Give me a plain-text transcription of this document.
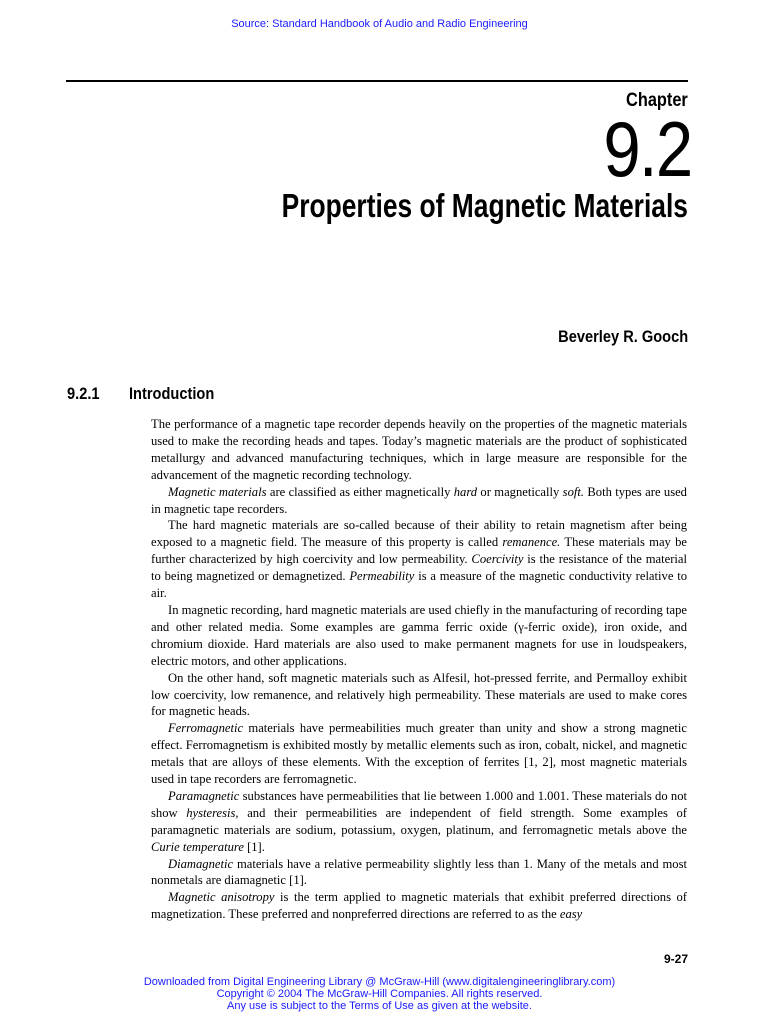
Source: Standard Handbook of Audio and Radio Engineering
Chapter
9.2
Properties of Magnetic Materials
Beverley R. Gooch
9.2.1 Introduction

The performance of a magnetic tape recorder depends heavily on the properties of the magnetic materials used to make the recording heads and tapes. Today’s magnetic materials are the product of sophisticated metallurgy and advanced manufacturing techniques, which in large measure are responsible for the advancement of the magnetic recording technology.

Magnetic materials are classified as either magnetically hard or magnetically soft. Both types are used in magnetic tape recorders.

The hard magnetic materials are so-called because of their ability to retain magnetism after being exposed to a magnetic field. The measure of this property is called remanence. These materials may be further characterized by high coercivity and low permeability. Coercivity is the resistance of the material to being magnetized or demagnetized. Permeability is a measure of the magnetic conductivity relative to air.

In magnetic recording, hard magnetic materials are used chiefly in the manufacturing of recording tape and other related media. Some examples are gamma ferric oxide (γ-ferric oxide), iron oxide, and chromium dioxide. Hard materials are also used to make permanent magnets for use in loudspeakers, electric motors, and other applications.

On the other hand, soft magnetic materials such as Alfesil, hot-pressed ferrite, and Permalloy exhibit low coercivity, low remanence, and relatively high permeability. These materials are used to make cores for magnetic heads.

Ferromagnetic materials have permeabilities much greater than unity and show a strong magnetic effect. Ferromagnetism is exhibited mostly by metallic elements such as iron, cobalt, nickel, and magnetic metals that are alloys of these elements. With the exception of ferrites [1, 2], most magnetic materials used in tape recorders are ferromagnetic.

Paramagnetic substances have permeabilities that lie between 1.000 and 1.001. These materials do not show hysteresis, and their permeabilities are independent of field strength. Some examples of paramagnetic materials are sodium, potassium, oxygen, platinum, and ferromagnetic metals above the Curie temperature [1].

Diamagnetic materials have a relative permeability slightly less than 1. Many of the metals and most nonmetals are diamagnetic [1].

Magnetic anisotropy is the term applied to magnetic materials that exhibit preferred directions of magnetization. These preferred and nonpreferred directions are referred to as the easy

9-27
Downloaded from Digital Engineering Library @ McGraw-Hill (www.digitalengineeringlibrary.com)
Copyright © 2004 The McGraw-Hill Companies. All rights reserved.
Any use is subject to the Terms of Use as given at the website.
